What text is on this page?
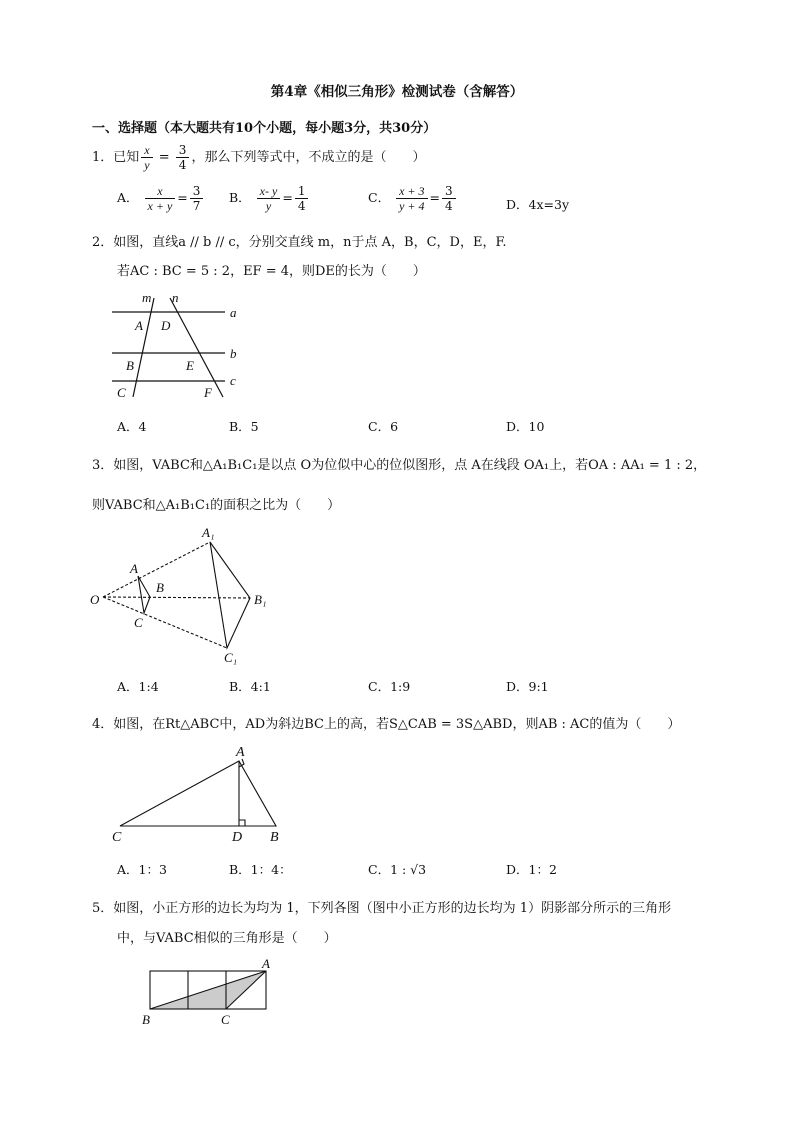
第4章《相似三角形》检测试卷（含解答）
一、选择题（本大题共有10个小题，每小题3分，共30分）
1．已知 $\frac{x}{y} = \frac{3}{4}$ ，那么下列等式中，不成立的是（　　）
A． $\frac{x}{x + y} = \frac{3}{7}$ B． $\frac{x- y}{y} = \frac{1}{4}$	C． $\frac{x + 3}{y + 4} = \frac{3}{4}$	D．4x=3y
2．如图，直线a // b // c，分别交直线 m，n于点 A，B，C，D，E，F.
若AC : BC = 5 : 2，EF = 4，则DE的长为（　　）
m n
a
b
c
A D
B	E
C	F
A．4	B．5	C．6	D．10
3．如图，VABC和△A₁B₁C₁是以点 O为位似中心的位似图形，点 A在线段 OA₁上，若OA : AA₁ = 1 : 2，
则VABC和△A₁B₁C₁的面积之比为（　　）
O
A
B
C
A₁
B₁
C₁
A．1:4	B．4:1	C．1:9	D．9:1
4．如图，在Rt△ABC中，AD为斜边BC上的高，若S△CAB = 3S△ABD，则AB : AC的值为（　　）
A
C	D B
A．1：3	B．1：4：	C．1 : √3	D．1：2
5．如图，小正方形的边长为均为 1，下列各图（图中小正方形的边长均为 1）阴影部分所示的三角形
中，与VABC相似的三角形是（　　）
A
B	C
